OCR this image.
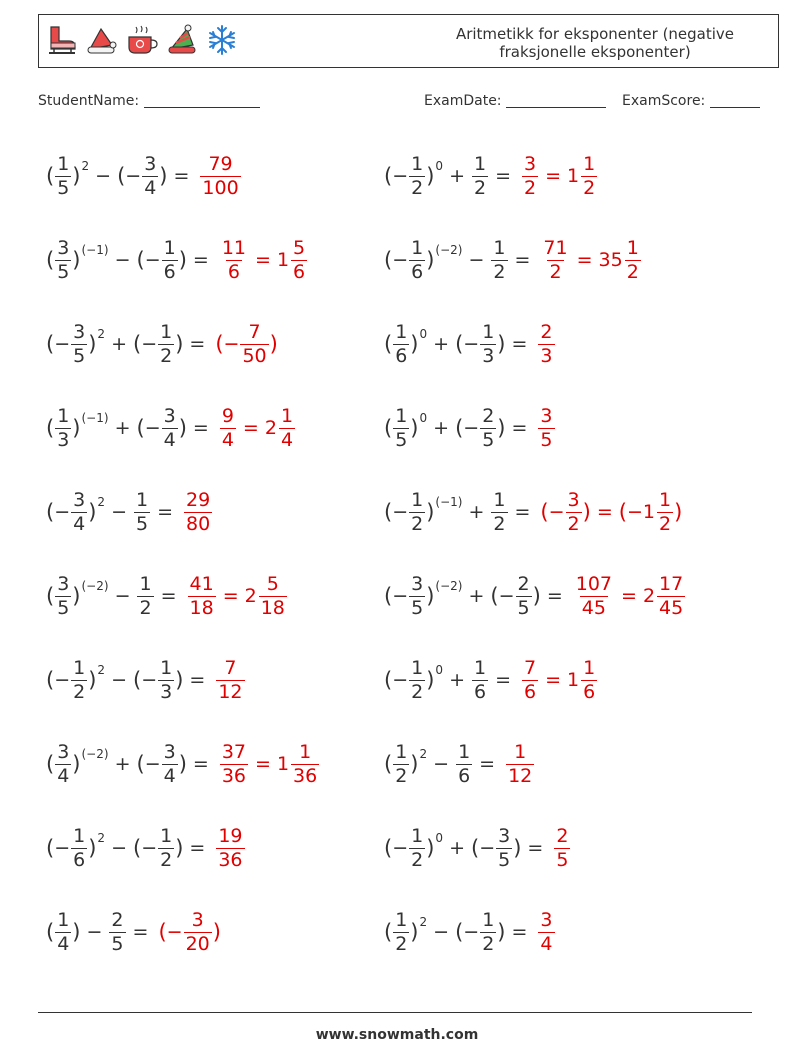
Aritmetikk for eksponenter (negative fraksjonelle eksponenter)
StudentName:	ExamDate:	ExamScore:
( $\frac{1}{5}$ ) 2 − ( − $\frac{3}{4}$ ) = $\frac{79}{100}$
( $\frac{3}{5}$ ) (−1) − ( − $\frac{1}{6}$ ) = $\frac{11}{6} = 1 \frac{5}{6}$
( − $\frac{3}{5}$ ) 2 + ( − $\frac{1}{2}$ ) = ( − $\frac{7}{50}$ )
( $\frac{1}{3}$ ) (−1) + ( − $\frac{3}{4}$ ) = $\frac{9}{4} = 2 \frac{1}{4}$
( − $\frac{3}{4}$ ) $2 - \frac{1}{5} = \frac{29}{80}$
( $\frac{3}{5}$ ) $(-2) - \frac{1}{2} = \frac{41}{18} = 2 \frac{5}{18}$
( − $\frac{1}{2}$ ) 2 − ( − $\frac{1}{3}$ ) = $\frac{7}{12}$
( $\frac{3}{4}$ ) (−2) + ( − $\frac{3}{4}$ ) = $\frac{37}{36} = 1 \frac{1}{36}$
( − $\frac{1}{6}$ ) 2 − ( − $\frac{1}{2}$ ) = $\frac{19}{36}$
( $\frac{1}{4}$ ) − $\frac{2}{5}$ = ( − $\frac{3}{20}$ )
( − $\frac{1}{2}$ ) $0 + \frac{1}{2} = \frac{3}{2} = 1 \frac{1}{2}$
( − $\frac{1}{6}$ ) $(-2) - \frac{1}{2} = \frac{71}{2} = 35 \frac{1}{2}$
( $\frac{1}{6}$ ) 0 + ( − $\frac{1}{3}$ ) = $\frac{2}{3}$
( $\frac{1}{5}$ ) 0 + ( − $\frac{2}{5}$ ) = $\frac{3}{5}$
( − $\frac{1}{2}$ ) $(-1) + \frac{1}{2}$ = ( − $\frac{3}{2}$ ) = ( − $1 \frac{1}{2}$ )
( − $\frac{3}{5}$ ) (−2) + ( − $\frac{2}{5}$ ) = $\frac{107}{45} = 2 \frac{17}{45}$
( − $\frac{1}{2}$ ) $0 + \frac{1}{6} = \frac{7}{6} = 1 \frac{1}{6}$
( $\frac{1}{2}$ ) $2 - \frac{1}{6} = \frac{1}{12}$
( − $\frac{1}{2}$ ) 0 + ( − $\frac{3}{5}$ ) = $\frac{2}{5}$
( $\frac{1}{2}$ ) 2 − ( − $\frac{1}{2}$ ) = $\frac{3}{4}$
www.snowmath.com
